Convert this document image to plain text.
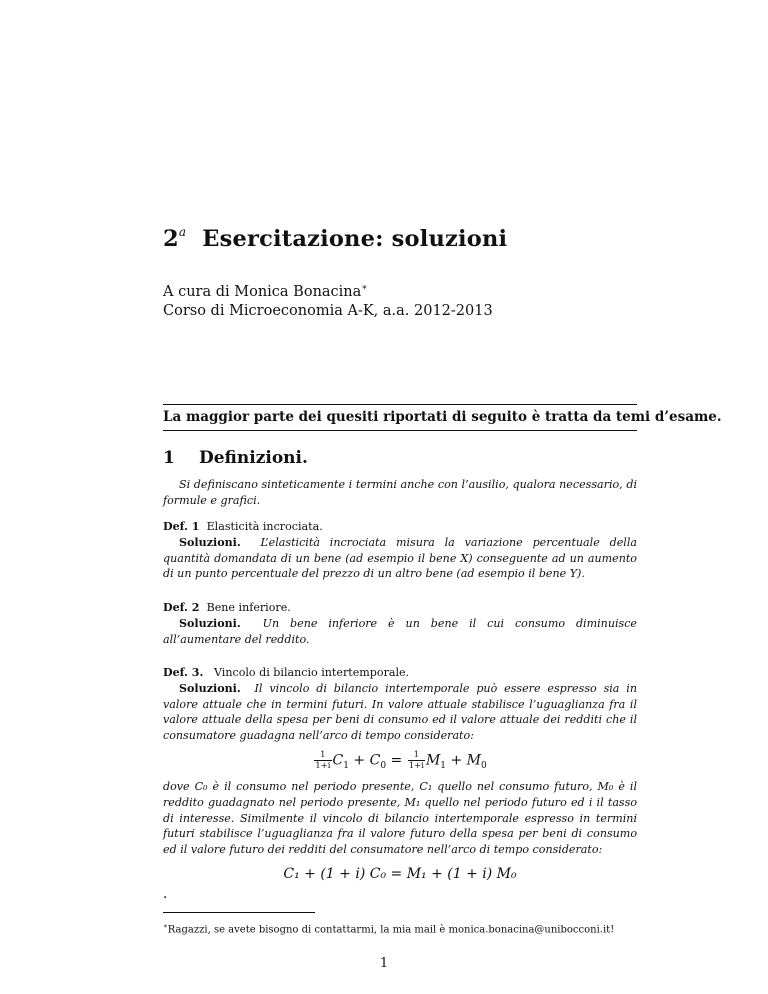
2$^a$ Esercitazione: soluzioni
A cura di Monica Bonacina∗
Corso di Microeconomia A-K, a.a. 2012-2013
La maggior parte dei quesiti riportati di seguito è tratta da temi d’esame.
1 Definizioni.
Si definiscano sinteticamente i termini anche con l’ausilio, qualora necessario, di formule e grafici.
Def. 1 Elasticità incrociata.
Soluzioni. L’elasticità incrociata misura la variazione percentuale della quantità domandata di un bene (ad esempio il bene X) conseguente ad un aumento di un punto percentuale del prezzo di un altro bene (ad esempio il bene Y).
Def. 2 Bene inferiore.
Soluzioni. Un bene inferiore è un bene il cui consumo diminuisce all’aumentare del reddito.
Def. 3. Vincolo di bilancio intertemporale.
Soluzioni. Il vincolo di bilancio intertemporale può essere espresso sia in valore attuale che in termini futuri. In valore attuale stabilisce l’uguaglianza fra il valore attuale della spesa per beni di consumo ed il valore attuale dei redditi che il consumatore guadagna nell’arco di tempo considerato:
$\frac{1}{1+i} C_1 + C_0 = \frac{1}{1+i} M_1 + M_0$
dove C₀ è il consumo nel periodo presente, C₁ quello nel consumo futuro, M₀ è il reddito guadagnato nel periodo presente, M₁ quello nel periodo futuro ed i il tasso di interesse. Similmente il vincolo di bilancio intertemporale espresso in termini futuri stabilisce l’uguaglianza fra il valore futuro della spesa per beni di consumo ed il valore futuro dei redditi del consumatore nell’arco di tempo considerato:
∗Ragazzi, se avete bisogno di contattarmi, la mia mail è monica.bonacina@unibocconi.it!
1
C₁ + (1 + i) C₀ = M₁ + (1 + i) M₀
.
